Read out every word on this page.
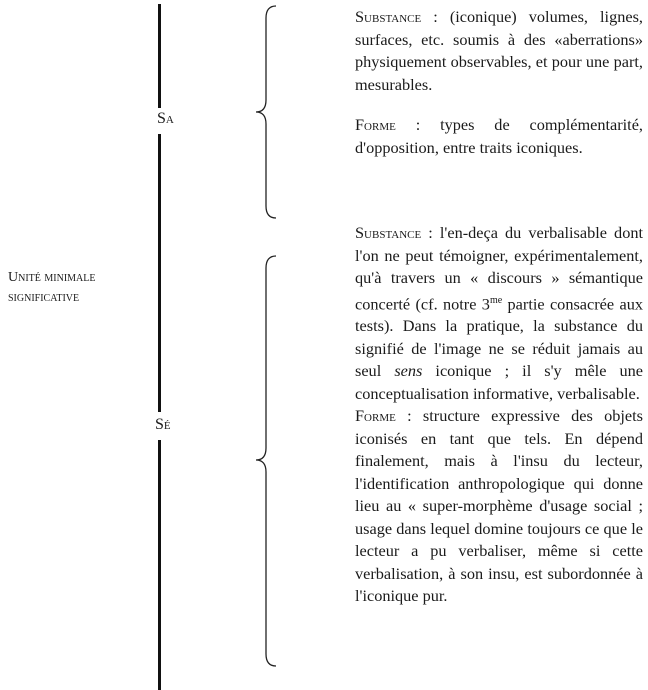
Unité minimale
significative
Sa
Sé

Substance : (iconique) volumes, lignes, surfaces, etc. soumis à des «aberrations» physiquement observables, et pour une part, mesurables.

Forme : types de complémentarité, d'opposition, entre traits iconiques.

Substance : l'en-deça du verbalisable dont l'on ne peut témoigner, expérimentalement, qu'à travers un « discours » sémantique concerté (cf. notre $3^{me}$ partie consacrée aux tests). Dans la pratique, la substance du signifié de l'image ne se réduit jamais au seul sens iconique ; il s'y mêle une conceptualisation informative, verbalisable.

Forme : structure expressive des objets iconisés en tant que tels. En dépend finalement, mais à l'insu du lecteur, l'identification anthropologique qui donne lieu au « super-morphème d'usage social ; usage dans lequel domine toujours ce que le lecteur a pu verbaliser, même si cette verbalisation, à son insu, est subordonnée à l'iconique pur.
